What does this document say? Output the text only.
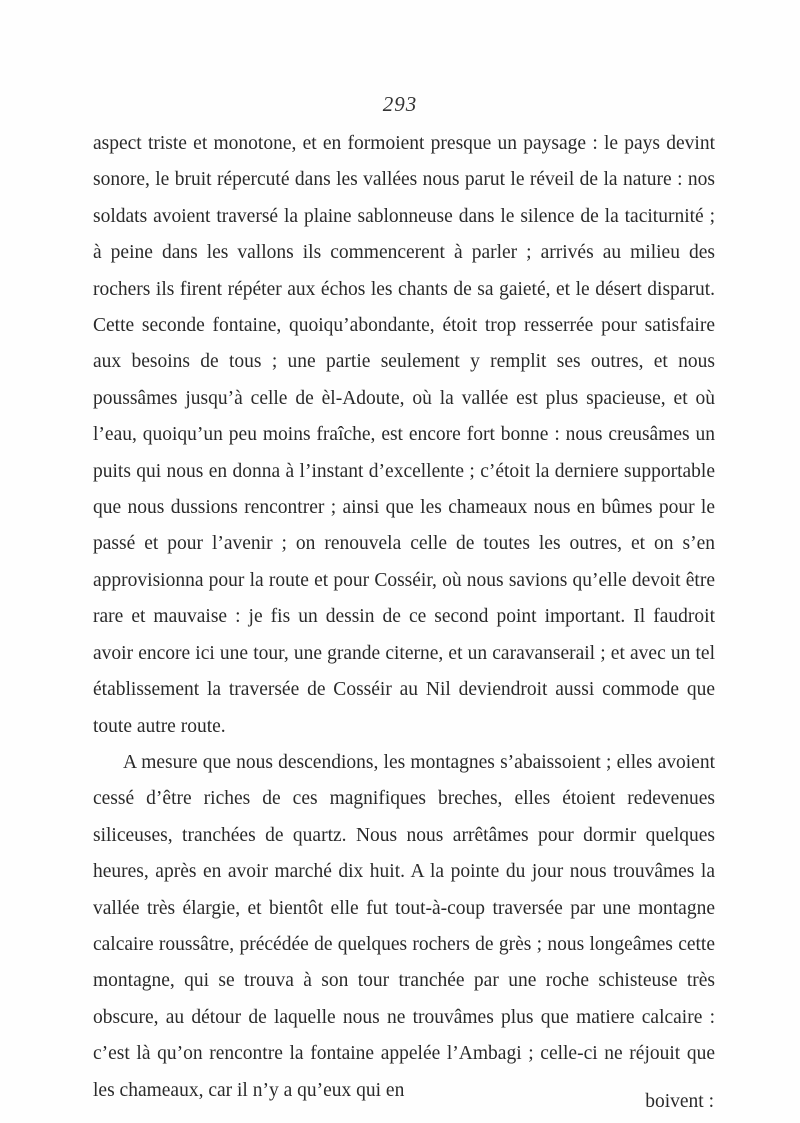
293

aspect triste et monotone, et en formoient presque un paysage : le pays devint sonore, le bruit répercuté dans les vallées nous parut le réveil de la nature : nos soldats avoient traversé la plaine sablonneuse dans le silence de la taciturnité ; à peine dans les vallons ils commencerent à parler ; arrivés au milieu des rochers ils firent répéter aux échos les chants de sa gaieté, et le désert disparut. Cette seconde fontaine, quoiqu’abondante, étoit trop resserrée pour satisfaire aux besoins de tous ; une partie seulement y remplit ses outres, et nous poussâmes jusqu’à celle de èl-Adoute, où la vallée est plus spacieuse, et où l’eau, quoiqu’un peu moins fraîche, est encore fort bonne : nous creusâmes un puits qui nous en donna à l’instant d’excellente ; c’étoit la derniere supportable que nous dussions rencontrer ; ainsi que les chameaux nous en bûmes pour le passé et pour l’avenir ; on renouvela celle de toutes les outres, et on s’en approvisionna pour la route et pour Cosséir, où nous savions qu’elle devoit être rare et mauvaise : je fis un dessin de ce second point important. Il faudroit avoir encore ici une tour, une grande citerne, et un caravanserail ; et avec un tel établissement la traversée de Cosséir au Nil deviendroit aussi commode que toute autre route.

A mesure que nous descendions, les montagnes s’abaissoient ; elles avoient cessé d’être riches de ces magnifiques breches, elles étoient redevenues siliceuses, tranchées de quartz. Nous nous arrêtâmes pour dormir quelques heures, après en avoir marché dix huit. A la pointe du jour nous trouvâmes la vallée très élargie, et bientôt elle fut tout-à-coup traversée par une montagne calcaire roussâtre, précédée de quelques rochers de grès ; nous longeâmes cette montagne, qui se trouva à son tour tranchée par une roche schisteuse très obscure, au détour de laquelle nous ne trouvâmes plus que matiere calcaire : c’est là qu’on rencontre la fontaine appelée l’Ambagi ; celle-ci ne réjouit que les chameaux, car il n’y a qu’eux qui en

boivent :
